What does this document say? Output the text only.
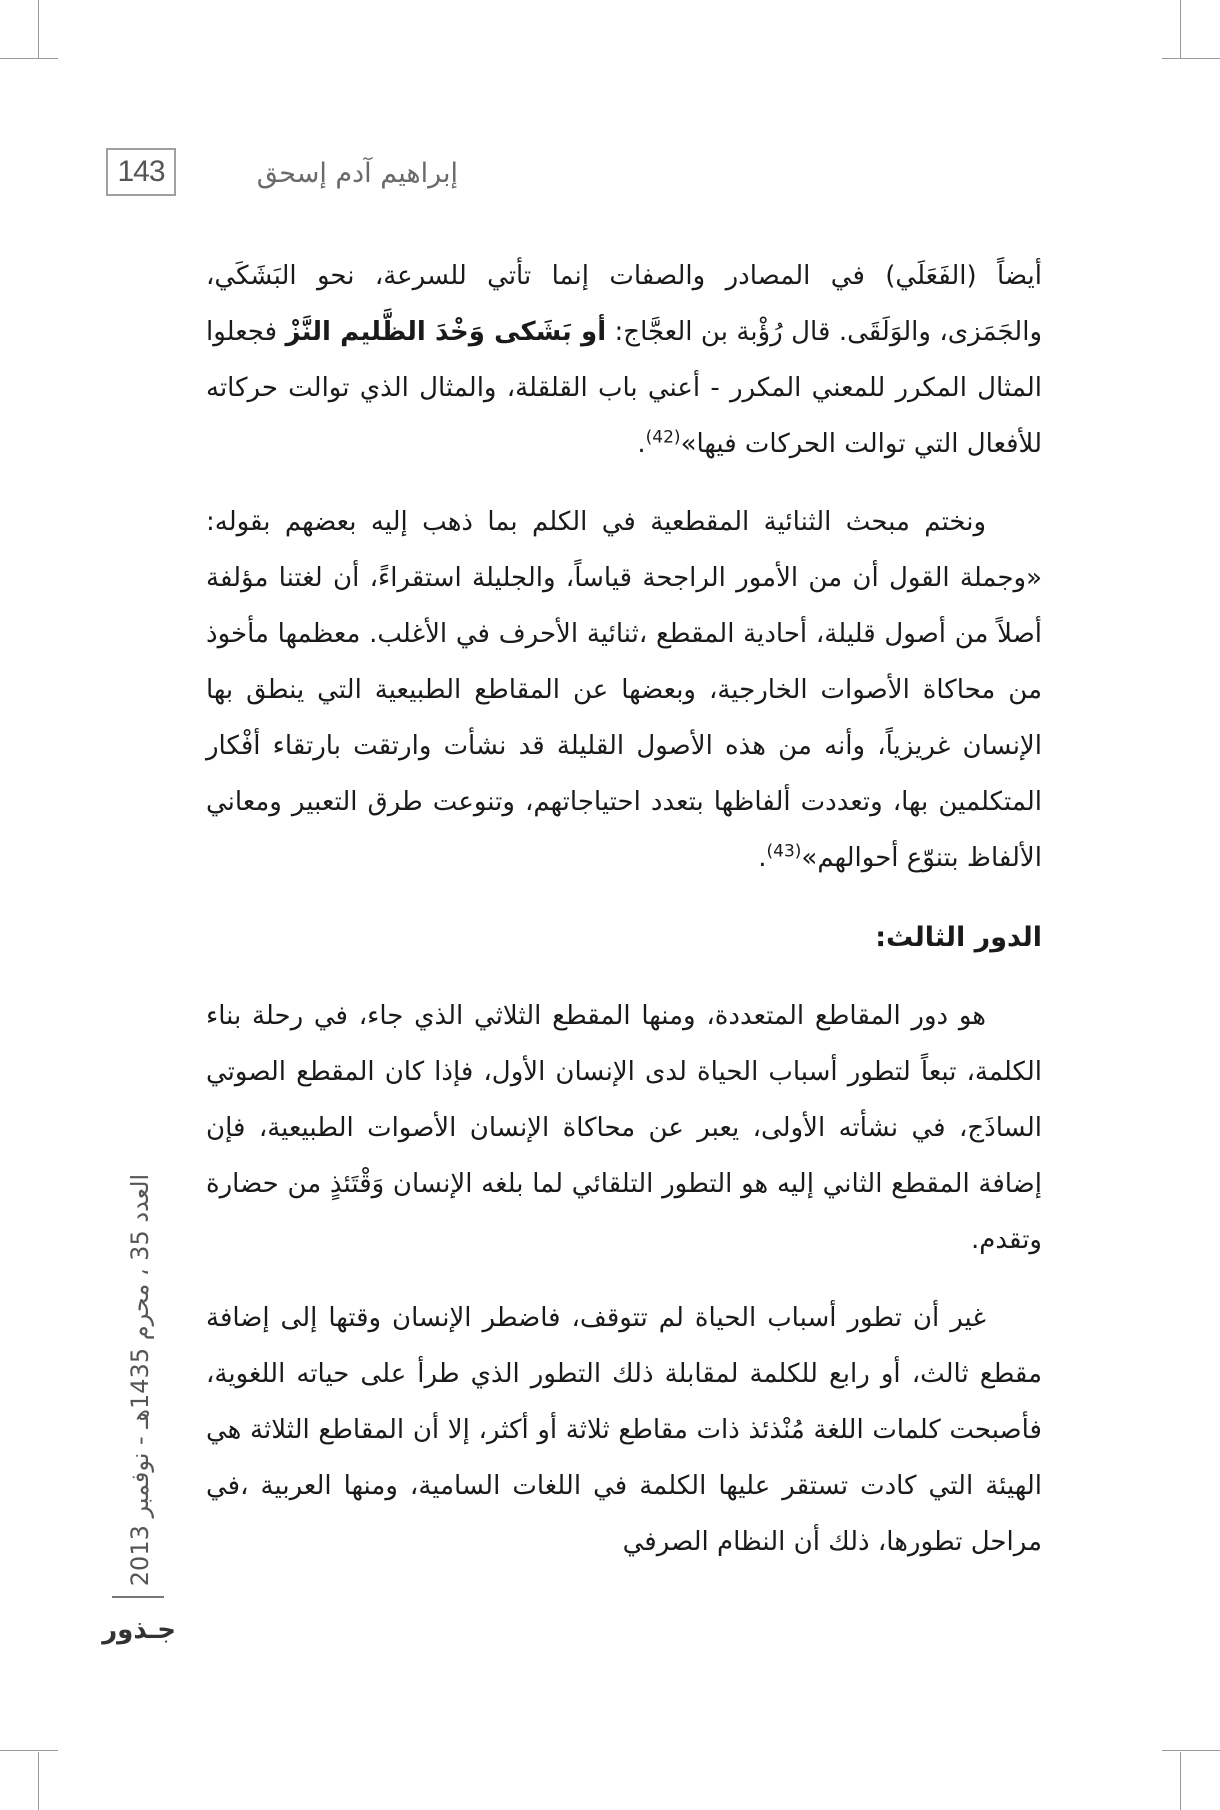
143	إبراهيم آدم إسحق

أيضاً (الفَعَلَي) في المصادر والصفات إنما تأتي للسرعة، نحو البَشَكَي، والجَمَزى، والوَلَقَى. قال رُؤْبة بن العجَّاج: أو بَشَكى وَخْدَ الظَّليم النَّزْ فجعلوا المثال المكرر للمعني المكرر - أعني باب القلقلة، والمثال الذي توالت حركاته للأفعال التي توالت الحركات فيها»$^{(42)}$.

ونختم مبحث الثنائية المقطعية في الكلم بما ذهب إليه بعضهم بقوله: «وجملة القول أن من الأمور الراجحة قياساً، والجليلة استقراءً، أن لغتنا مؤلفة أصلاً من أصول قليلة، أحادية المقطع ،ثنائية الأحرف في الأغلب. معظمها مأخوذ من محاكاة الأصوات الخارجية، وبعضها عن المقاطع الطبيعية التي ينطق بها الإنسان غريزياً، وأنه من هذه الأصول القليلة قد نشأت وارتقت بارتقاء أفْكار المتكلمين بها، وتعددت ألفاظها بتعدد احتياجاتهم، وتنوعت طرق التعبير ومعاني الألفاظ بتنوّع أحوالهم»$^{(43)}$.

الدور الثالث:

هو دور المقاطع المتعددة، ومنها المقطع الثلاثي الذي جاء، في رحلة بناء الكلمة، تبعاً لتطور أسباب الحياة لدى الإنسان الأول، فإذا كان المقطع الصوتي الساذَج، في نشأته الأولى، يعبر عن محاكاة الإنسان الأصوات الطبيعية، فإن إضافة المقطع الثاني إليه هو التطور التلقائي لما بلغه الإنسان وَقْتَئذٍ من حضارة وتقدم.

غير أن تطور أسباب الحياة لم تتوقف، فاضطر الإنسان وقتها إلى إضافة مقطع ثالث، أو رابع للكلمة لمقابلة ذلك التطور الذي طرأ على حياته اللغوية، فأصبحت كلمات اللغة مُنْذئذ ذات مقاطع ثلاثة أو أكثر، إلا أن المقاطع الثلاثة هي الهيئة التي كادت تستقر عليها الكلمة في اللغات السامية، ومنها العربية ،في مراحل تطورها، ذلك أن النظام الصرفي

العدد 35 ، محرم 1435هـ - نوفمبر 2013
جـذور
